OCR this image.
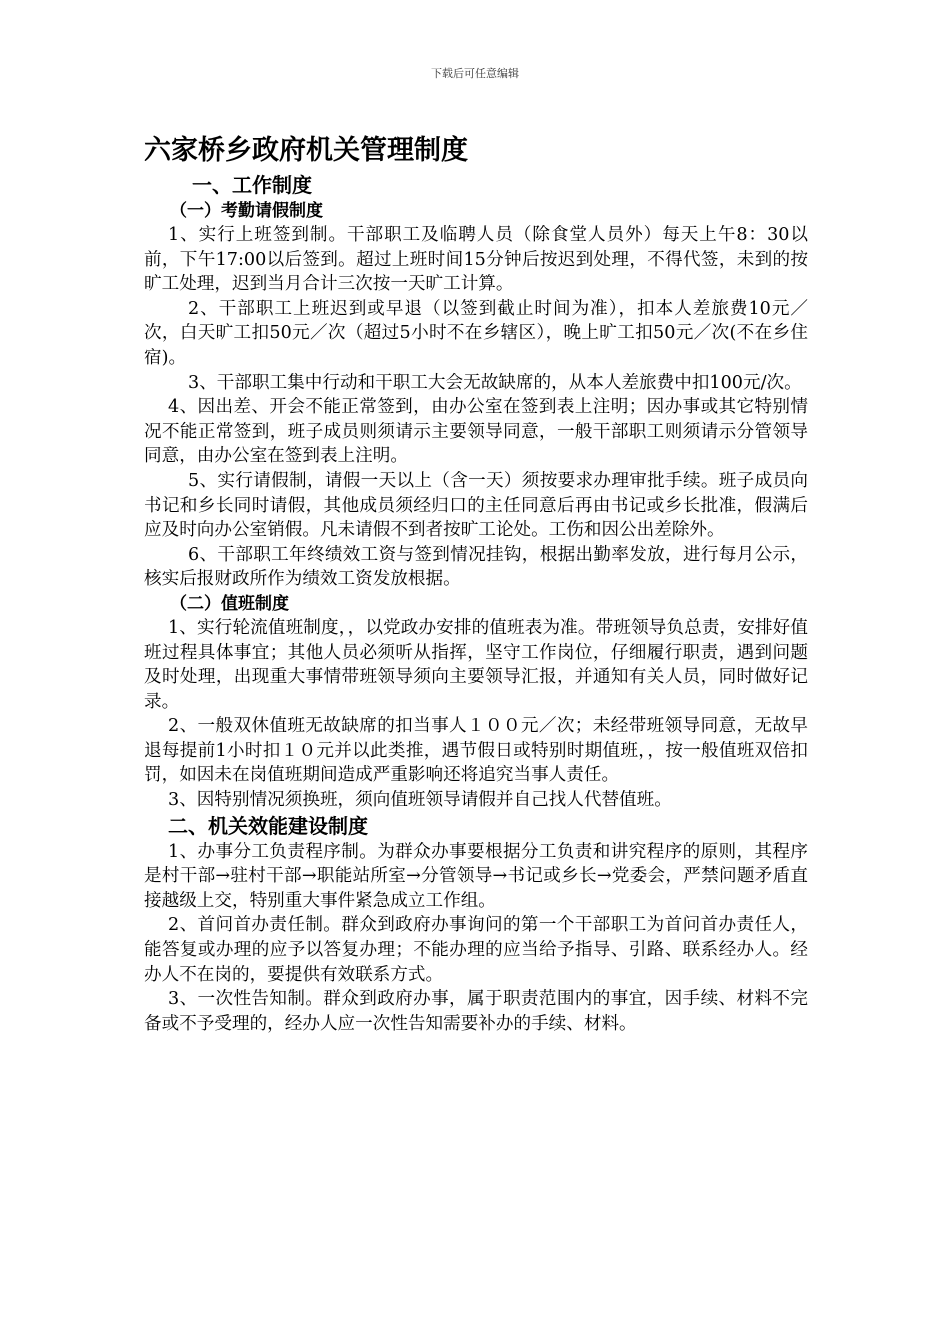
下载后可任意编辑
六家桥乡政府机关管理制度
一、工作制度
（一）考勤请假制度

1、实行上班签到制。干部职工及临聘人员（除食堂人员外）每天上午8：30以前，下午17:00以后签到。超过上班时间15分钟后按迟到处理，不得代签，未到的按旷工处理，迟到当月合计三次按一天旷工计算。

2、干部职工上班迟到或早退（以签到截止时间为准），扣本人差旅费10元／次，白天旷工扣50元／次（超过5小时不在乡辖区），晚上旷工扣50元／次(不在乡住宿)。

3、干部职工集中行动和干职工大会无故缺席的，从本人差旅费中扣100元/次。

4、因出差、开会不能正常签到，由办公室在签到表上注明；因办事或其它特别情况不能正常签到，班子成员则须请示主要领导同意，一般干部职工则须请示分管领导同意，由办公室在签到表上注明。

5、实行请假制，请假一天以上（含一天）须按要求办理审批手续。班子成员向书记和乡长同时请假，其他成员须经归口的主任同意后再由书记或乡长批准，假满后应及时向办公室销假。凡未请假不到者按旷工论处。工伤和因公出差除外。

6、干部职工年终绩效工资与签到情况挂钩，根据出勤率发放，进行每月公示，核实后报财政所作为绩效工资发放根据。

（二）值班制度

1、实行轮流值班制度，，以党政办安排的值班表为准。带班领导负总责，安排好值班过程具体事宜；其他人员必须听从指挥，坚守工作岗位，仔细履行职责，遇到问题及时处理，出现重大事情带班领导须向主要领导汇报，并通知有关人员，同时做好记录。

2、一般双休值班无故缺席的扣当事人１００元／次；未经带班领导同意，无故早退每提前1小时扣１０元并以此类推，遇节假日或特别时期值班，，按一般值班双倍扣罚，如因未在岗值班期间造成严重影响还将追究当事人责任。

3、因特别情况须换班，须向值班领导请假并自己找人代替值班。

二、机关效能建设制度

1、办事分工负责程序制。为群众办事要根据分工负责和讲究程序的原则，其程序是村干部→驻村干部→职能站所室→分管领导→书记或乡长→党委会，严禁问题矛盾直接越级上交，特别重大事件紧急成立工作组。

2、首问首办责任制。群众到政府办事询问的第一个干部职工为首问首办责任人，能答复或办理的应予以答复办理；不能办理的应当给予指导、引路、联系经办人。经办人不在岗的，要提供有效联系方式。

3、一次性告知制。群众到政府办事，属于职责范围内的事宜，因手续、材料不完备或不予受理的，经办人应一次性告知需要补办的手续、材料。
